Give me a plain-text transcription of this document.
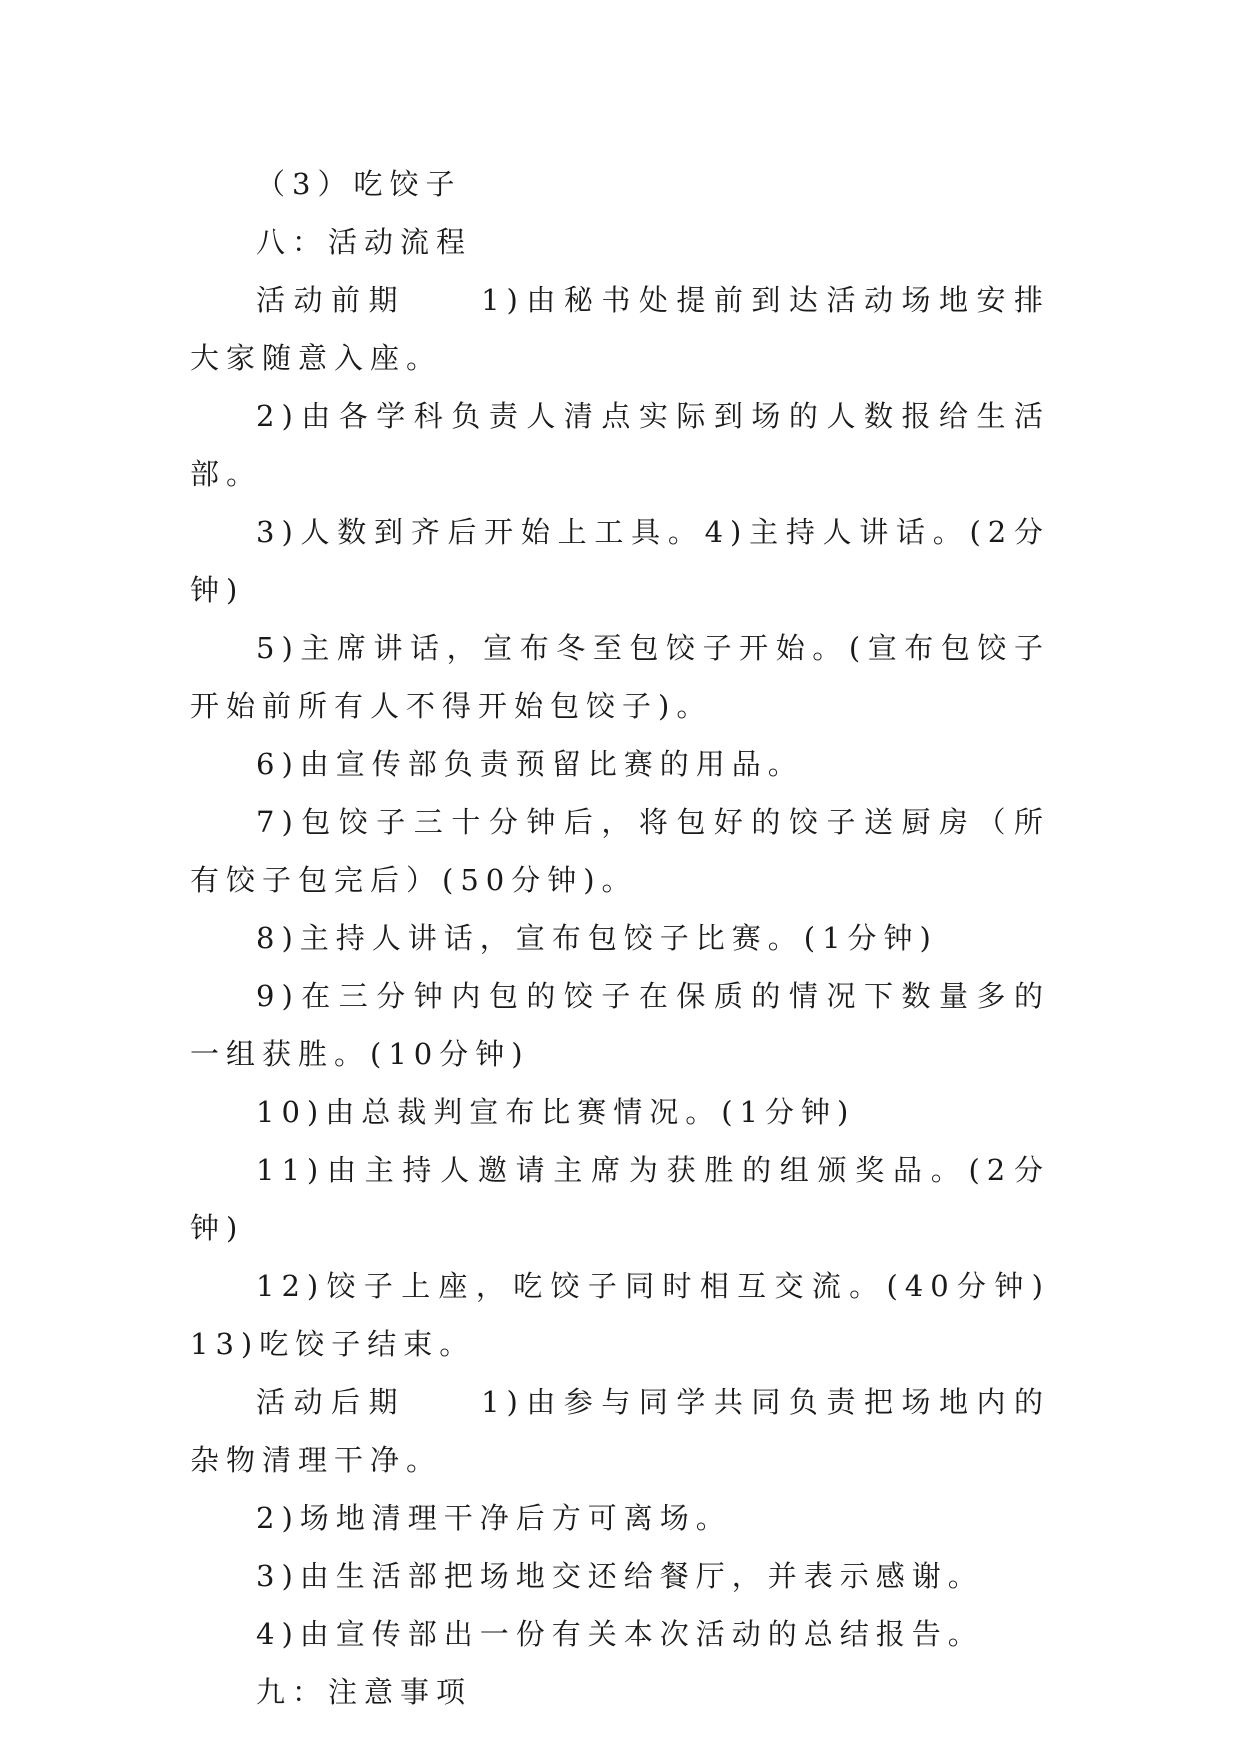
（3）吃饺子

八：活动流程

活动前期　　1)由秘书处提前到达活动场地安排大家随意入座。

2)由各学科负责人清点实际到场的人数报给生活部。

3)人数到齐后开始上工具。4)主持人讲话。(2分钟)

5)主席讲话，宣布冬至包饺子开始。(宣布包饺子开始前所有人不得开始包饺子)。

6)由宣传部负责预留比赛的用品。

7)包饺子三十分钟后，将包好的饺子送厨房（所有饺子包完后）(50分钟)。

8)主持人讲话，宣布包饺子比赛。(1分钟)

9)在三分钟内包的饺子在保质的情况下数量多的一组获胜。(10分钟)

10)由总裁判宣布比赛情况。(1分钟)

11)由主持人邀请主席为获胜的组颁奖品。(2分钟)

12)饺子上座，吃饺子同时相互交流。(40分钟) 13)吃饺子结束。

活动后期　　1)由参与同学共同负责把场地内的杂物清理干净。

2)场地清理干净后方可离场。

3)由生活部把场地交还给餐厅，并表示感谢。

4)由宣传部出一份有关本次活动的总结报告。

九：注意事项
